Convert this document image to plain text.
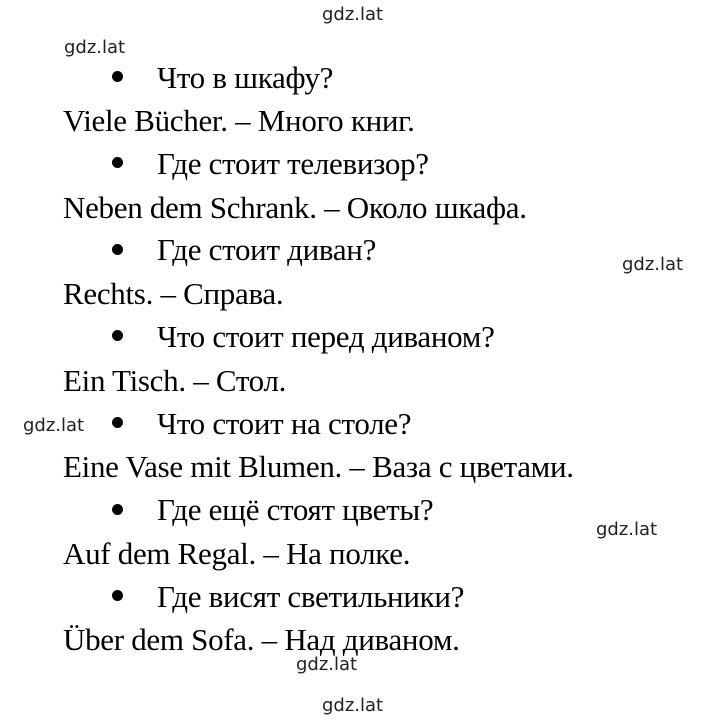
gdz.lat
gdz.lat
gdz.lat
gdz.lat
gdz.lat
gdz.lat
gdz.lat
Что в шкафу?
Viele Bücher. – Много книг.
Где стоит телевизор?
Neben dem Schrank. – Около шкафа.
Где стоит диван?
Rechts. – Справа.
Что стоит перед диваном?
Ein Tisch. – Стол.
Что стоит на столе?
Eine Vase mit Blumen. – Ваза с цветами.
Где ещё стоят цветы?
Auf dem Regal. – На полке.
Где висят светильники?
Über dem Sofa. – Над диваном.
